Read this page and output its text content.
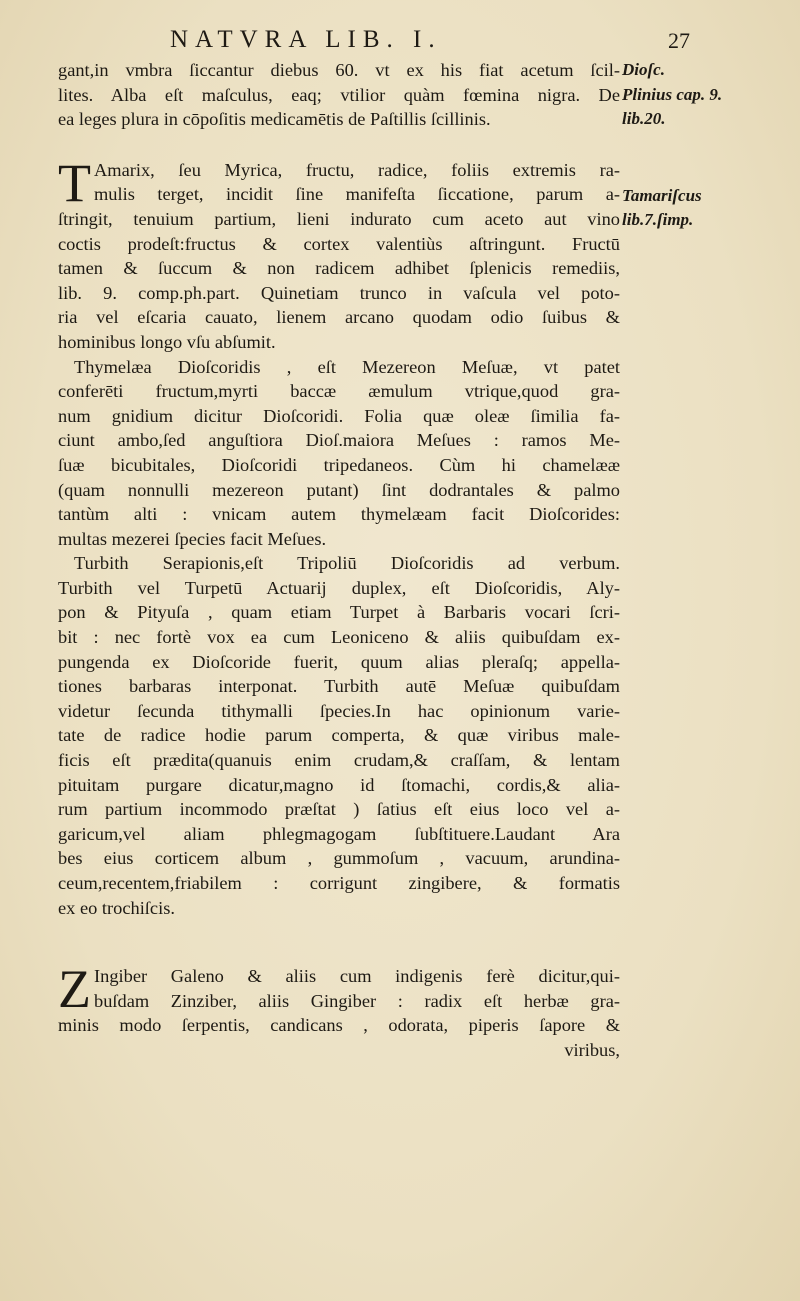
NATVRA LIB. I.	27
gant,in vmbra ſiccantur diebus 60. vt ex his fiat acetum ſcil-
lites. Alba eſt maſculus, eaq; vtilior quàm fœmina nigra. De
ea leges plura in cōpoſitis medicamētis de Paſtillis ſcillinis.
T Amarix, ſeu Myrica, fructu, radice, foliis extremis ra-
mulis terget, incidit ſine manifeſta ſiccatione, parum a-
ſtringit, tenuium partium, lieni indurato cum aceto aut vino
coctis prodeſt:fructus & cortex valentiùs aſtringunt. Fructū
tamen & ſuccum & non radicem adhibet ſplenicis remediis,
lib. 9. comp.ph.part. Quinetiam trunco in vaſcula vel poto-
ria vel eſcaria cauato, lienem arcano quodam odio ſuibus &
hominibus longo vſu abſumit.
Thymelæa Dioſcoridis , eſt Mezereon Meſuæ, vt patet
conferēti fructum,myrti baccæ æmulum vtrique,quod gra-
num gnidium dicitur Dioſcoridi. Folia quæ oleæ ſimilia fa-
ciunt ambo,ſed anguſtiora Dioſ.maiora Meſues : ramos Me-
ſuæ bicubitales, Dioſcoridi tripedaneos. Cùm hi chamelææ
(quam nonnulli mezereon putant) ſint dodrantales & palmo
tantùm alti : vnicam autem thymelæam facit Dioſcorides:
multas mezerei ſpecies facit Meſues.
Turbith Serapionis,eſt Tripoliū Dioſcoridis ad verbum.
Turbith vel Turpetū Actuarij duplex, eſt Dioſcoridis, Aly-
pon & Pityuſa , quam etiam Turpet à Barbaris vocari ſcri-
bit : nec fortè vox ea cum Leoniceno & aliis quibuſdam ex-
pungenda ex Dioſcoride fuerit, quum alias pleraſq; appella-
tiones barbaras interponat. Turbith autē Meſuæ quibuſdam
videtur ſecunda tithymalli ſpecies.In hac opinionum varie-
tate de radice hodie parum comperta, & quæ viribus male-
ficis eſt prædita(quanuis enim crudam,& craſſam, & lentam
pituitam purgare dicatur,magno id ſtomachi, cordis,& alia-
rum partium incommodo præſtat ) ſatius eſt eius loco vel a-
garicum,vel aliam phlegmagogam ſubſtituere.Laudant Ara
bes eius corticem album , gummoſum , vacuum, arundina-
ceum,recentem,friabilem : corrigunt zingibere, & formatis
ex eo trochiſcis.
Z Ingiber Galeno & aliis cum indigenis ferè dicitur,qui-
buſdam Zinziber, aliis Gingiber : radix eſt herbæ gra-
minis modo ſerpentis, candicans , odorata, piperis ſapore &
viribus,
Dioſc.
Plinius cap. 9.
lib.20.
Tamariſcus
lib.7.ſimp.
